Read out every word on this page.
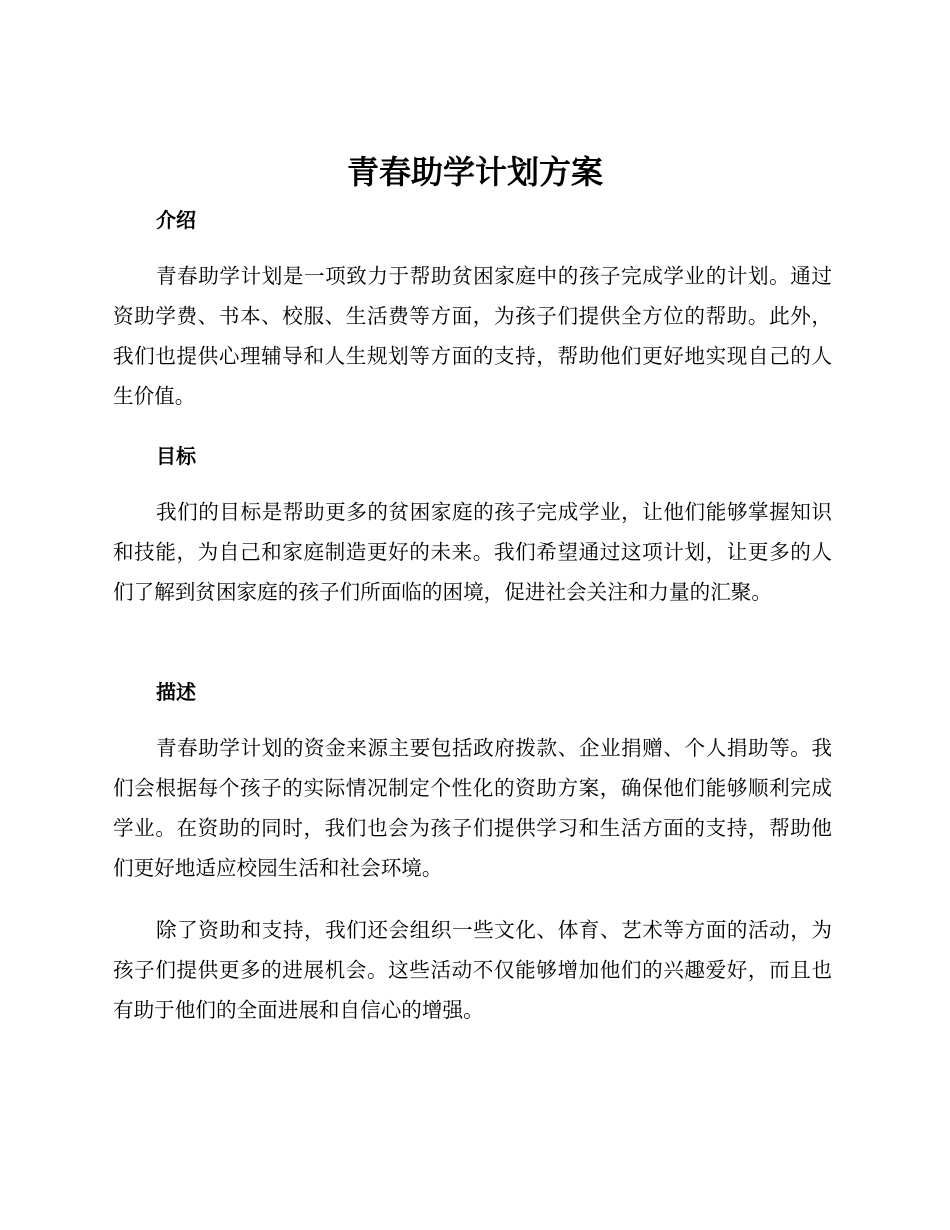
青春助学计划方案
介绍

青春助学计划是一项致力于帮助贫困家庭中的孩子完成学业的计划。通过资助学费、书本、校服、生活费等方面，为孩子们提供全方位的帮助。此外，我们也提供心理辅导和人生规划等方面的支持，帮助他们更好地实现自己的人生价值。

目标

我们的目标是帮助更多的贫困家庭的孩子完成学业，让他们能够掌握知识和技能，为自己和家庭制造更好的未来。我们希望通过这项计划，让更多的人们了解到贫困家庭的孩子们所面临的困境，促进社会关注和力量的汇聚。

描述

青春助学计划的资金来源主要包括政府拨款、企业捐赠、个人捐助等。我们会根据每个孩子的实际情况制定个性化的资助方案，确保他们能够顺利完成学业。在资助的同时，我们也会为孩子们提供学习和生活方面的支持，帮助他们更好地适应校园生活和社会环境。

除了资助和支持，我们还会组织一些文化、体育、艺术等方面的活动，为孩子们提供更多的进展机会。这些活动不仅能够增加他们的兴趣爱好，而且也有助于他们的全面进展和自信心的增强。
